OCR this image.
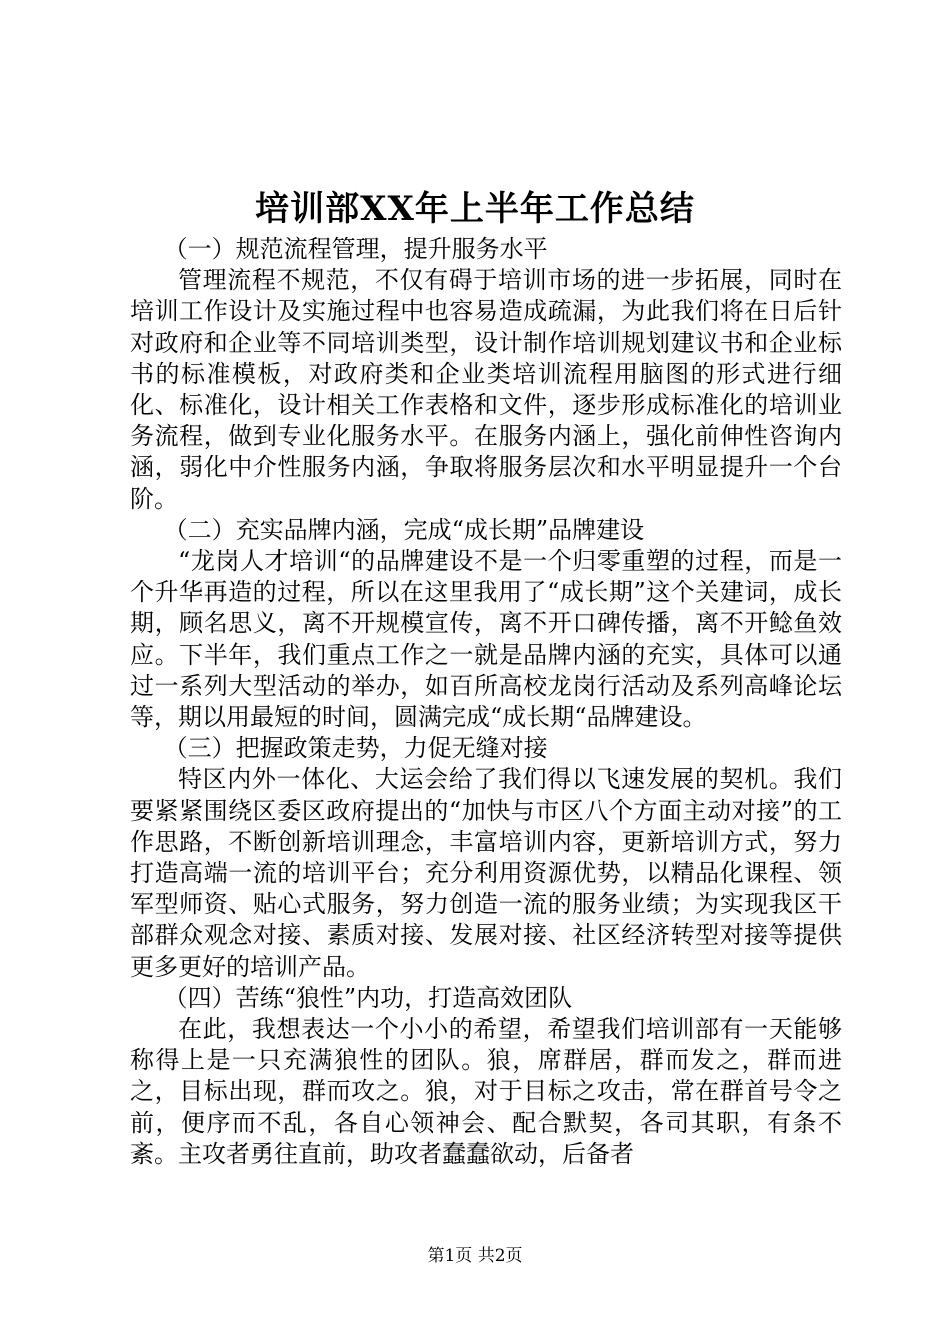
培训部XX年上半年工作总结

（一）规范流程管理，提升服务水平

管理流程不规范，不仅有碍于培训市场的进一步拓展，同时在培训工作设计及实施过程中也容易造成疏漏，为此我们将在日后针对政府和企业等不同培训类型，设计制作培训规划建议书和企业标书的标准模板，对政府类和企业类培训流程用脑图的形式进行细化、标准化，设计相关工作表格和文件，逐步形成标准化的培训业务流程，做到专业化服务水平。在服务内涵上，强化前伸性咨询内涵，弱化中介性服务内涵，争取将服务层次和水平明显提升一个台阶。

（二）充实品牌内涵，完成“成长期”品牌建设

“龙岗人才培训“的品牌建设不是一个归零重塑的过程，而是一个升华再造的过程，所以在这里我用了“成长期”这个关建词，成长期，顾名思义，离不开规模宣传，离不开口碑传播，离不开鲶鱼效应。下半年，我们重点工作之一就是品牌内涵的充实，具体可以通过一系列大型活动的举办，如百所高校龙岗行活动及系列高峰论坛等，期以用最短的时间，圆满完成“成长期“品牌建设。

（三）把握政策走势，力促无缝对接

特区内外一体化、大运会给了我们得以飞速发展的契机。我们要紧紧围绕区委区政府提出的“加快与市区八个方面主动对接”的工作思路，不断创新培训理念，丰富培训内容，更新培训方式，努力打造高端一流的培训平台；充分利用资源优势，以精品化课程、领军型师资、贴心式服务，努力创造一流的服务业绩；为实现我区干部群众观念对接、素质对接、发展对接、社区经济转型对接等提供更多更好的培训产品。

（四）苦练“狼性”内功，打造高效团队

在此，我想表达一个小小的希望，希望我们培训部有一天能够称得上是一只充满狼性的团队。狼，席群居，群而发之，群而进之，目标出现，群而攻之。狼，对于目标之攻击，常在群首号令之前，便序而不乱，各自心领神会、配合默契，各司其职，有条不紊。主攻者勇往直前，助攻者蠢蠢欲动，后备者

第1页 共2页
